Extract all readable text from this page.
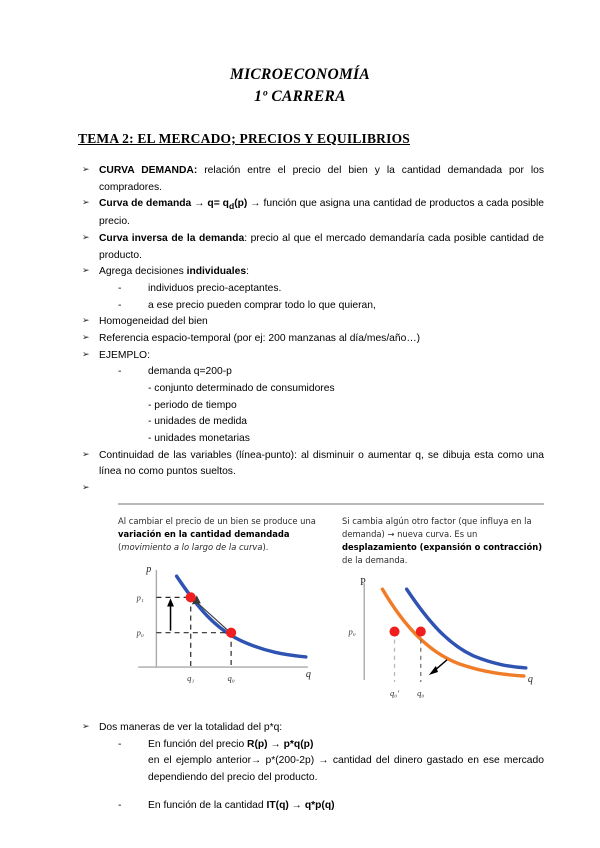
MICROECONOMÍA
1º CARRERA
TEMA 2: EL MERCADO; PRECIOS Y EQUILIBRIOS
➢ CURVA DEMANDA: relación entre el precio del bien y la cantidad demandada por los compradores.
➢ Curva de demanda → $q= q_d(p)$ → función que asigna una cantidad de productos a cada posible precio.
➢ Curva inversa de la demanda: precio al que el mercado demandaría cada posible cantidad de producto.
➢ Agrega decisiones individuales:
-	individuos precio-aceptantes.
-	a ese precio pueden comprar todo lo que quieran,
➢ Homogeneidad del bien
➢ Referencia espacio-temporal (por ej: 200 manzanas al día/mes/año…)
➢ EJEMPLO:
-	demanda q=200-p
- conjunto determinado de consumidores
- periodo de tiempo
- unidades de medida
- unidades monetarias
➢ Continuidad de las variables (línea-punto): al disminuir o aumentar q, se dibuja esta como una línea no como puntos sueltos.
➢
Al cambiar el precio de un bien se produce una variación en la cantidad demandada (movimiento a lo largo de la curva).
p
q
p₁
p₀
q₁	q₀
Si cambia algún otro factor (que influya en la demanda) → nueva curva. Es un desplazamiento (expansión o contracción) de la demanda.
P
q
p₀
q₀' q₀
➢ Dos maneras de ver la totalidad del p*q:
-	En función del precio R(p) → p*q(p)
en el ejemplo anterior→ p*(200-2p) → cantidad del dinero gastado en ese mercado dependiendo del precio del producto.
-	En función de la cantidad IT(q) → q*p(q)
